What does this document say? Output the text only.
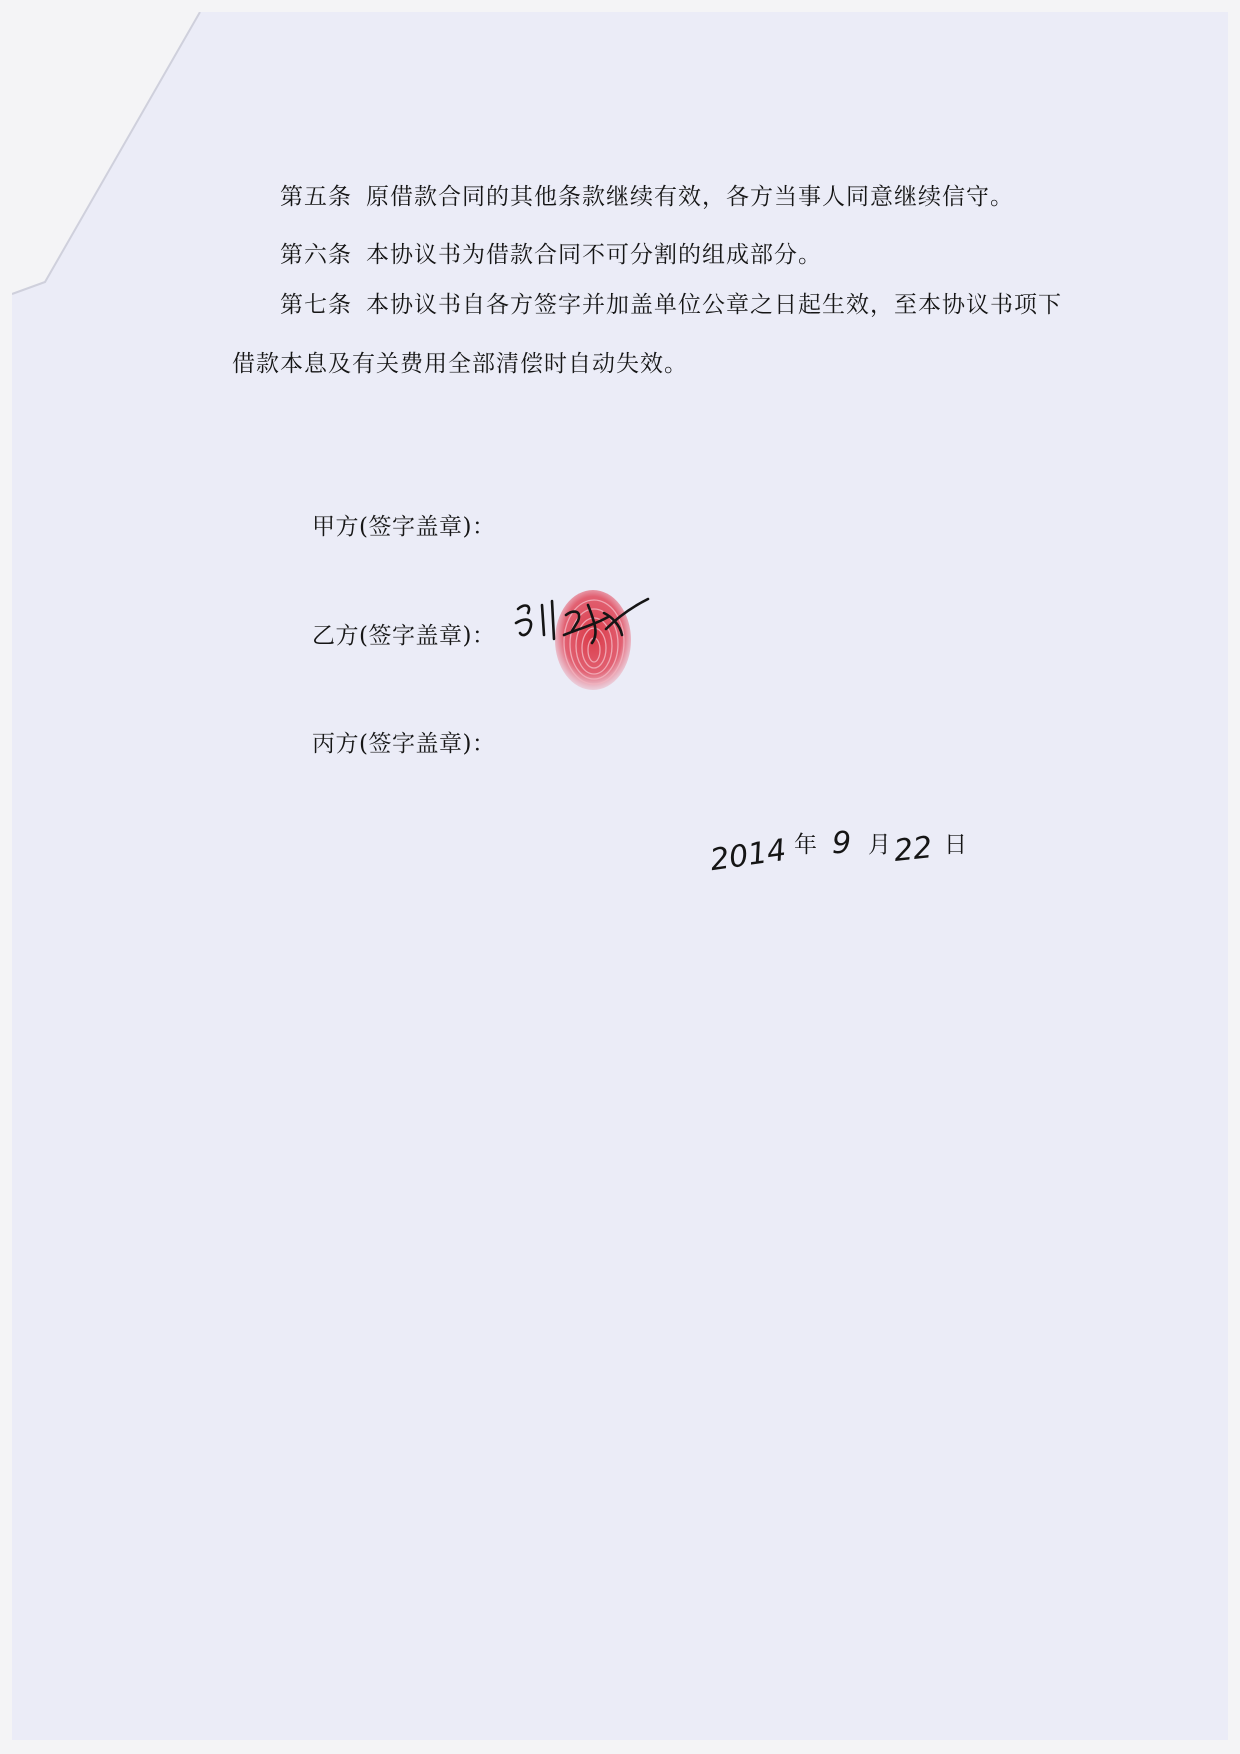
第五条 原借款合同的其他条款继续有效，各方当事人同意继续信守。
第六条 本协议书为借款合同不可分割的组成部分。
第七条 本协议书自各方签字并加盖单位公章之日起生效，至本协议书项下
借款本息及有关费用全部清偿时自动失效。
甲方(签字盖章)：
乙方(签字盖章)：
丙方(签字盖章)：
2014 年 9 月 22 日
